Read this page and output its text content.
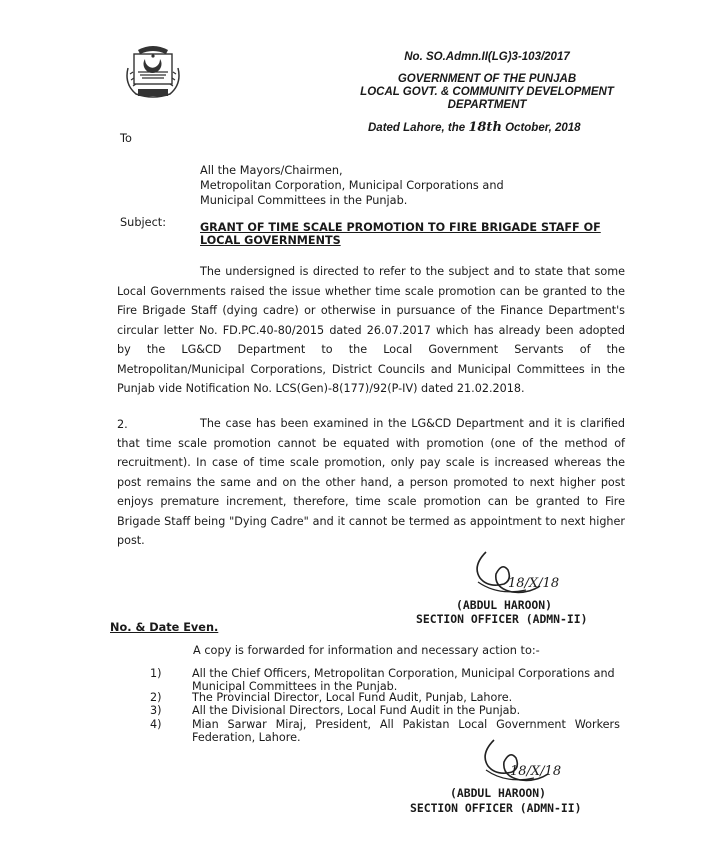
No. SO.Admn.II(LG)3-103/2017
GOVERNMENT OF THE PUNJAB
LOCAL GOVT. & COMMUNITY DEVELOPMENT
DEPARTMENT
Dated Lahore, the 18th October, 2018
To
All the Mayors/Chairmen,
Metropolitan Corporation, Municipal Corporations and
Municipal Committees in the Punjab.
Subject:	GRANT OF TIME SCALE PROMOTION TO FIRE BRIGADE STAFF OF
LOCAL GOVERNMENTS
The undersigned is directed to refer to the subject and to state that some Local Governments raised the issue whether time scale promotion can be granted to the Fire Brigade Staff (dying cadre) or otherwise in pursuance of the Finance Department's circular letter No. FD.PC.40-80/2015 dated 26.07.2017 which has already been adopted by the LG&CD Department to the Local Government Servants of the Metropolitan/Municipal Corporations, District Councils and Municipal Committees in the Punjab vide Notification No. LCS(Gen)-8(177)/92(P-IV) dated 21.02.2018.
2.	The case has been examined in the LG&CD Department and it is clarified that time scale promotion cannot be equated with promotion (one of the method of recruitment). In case of time scale promotion, only pay scale is increased whereas the post remains the same and on the other hand, a person promoted to next higher post enjoys premature increment, therefore, time scale promotion can be granted to Fire Brigade Staff being "Dying Cadre" and it cannot be termed as appointment to next higher post.
18/X/18
(ABDUL HAROON)
SECTION OFFICER (ADMN-II)
No. & Date Even.
A copy is forwarded for information and necessary action to:-
1)	All the Chief Officers, Metropolitan Corporation, Municipal Corporations and Municipal Committees in the Punjab.
2)	The Provincial Director, Local Fund Audit, Punjab, Lahore.
3)	All the Divisional Directors, Local Fund Audit in the Punjab.
4)	Mian Sarwar Miraj, President, All Pakistan Local Government Workers Federation, Lahore.
18/X/18
(ABDUL HAROON)
SECTION OFFICER (ADMN-II)
